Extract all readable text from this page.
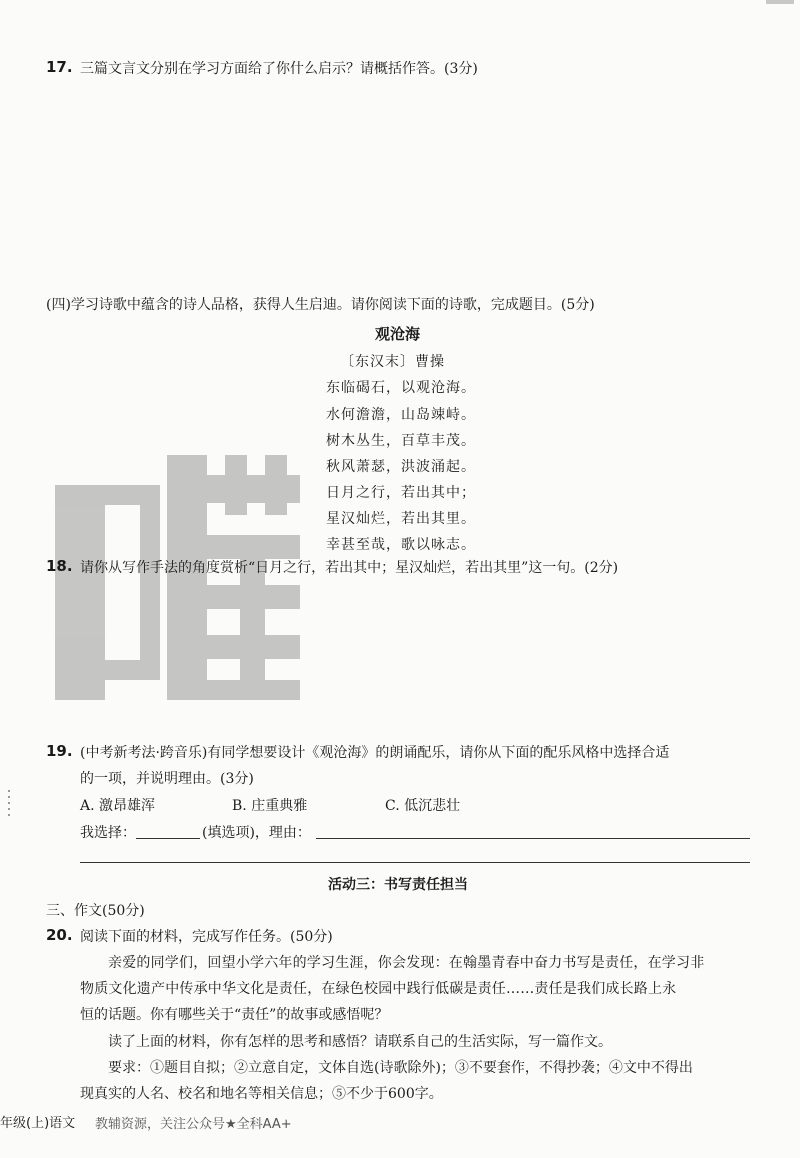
17. 三篇文言文分别在学习方面给了你什么启示？请概括作答。(3分)
(四)学习诗歌中蕴含的诗人品格，获得人生启迪。请你阅读下面的诗歌，完成题目。(5分)
观沧海
〔东汉末〕曹操
东临碣石，以观沧海。
水何澹澹，山岛竦峙。
树木丛生，百草丰茂。
秋风萧瑟，洪波涌起。
日月之行，若出其中；
星汉灿烂，若出其里。
幸甚至哉，歌以咏志。
18. 请你从写作手法的角度赏析“日月之行，若出其中；星汉灿烂，若出其里”这一句。(2分)
19. (中考新考法·跨音乐)有同学想要设计《观沧海》的朗诵配乐，请你从下面的配乐风格中选择合适
的一项，并说明理由。(3分)
A. 激昂雄浑	B. 庄重典雅	C. 低沉悲壮
我选择：	(填选项)，理由：
活动三：书写责任担当
三、作文(50分)
20. 阅读下面的材料，完成写作任务。(50分)
亲爱的同学们，回望小学六年的学习生涯，你会发现：在翰墨青春中奋力书写是责任，在学习非
物质文化遗产中传承中华文化是责任，在绿色校园中践行低碳是责任……责任是我们成长路上永
恒的话题。你有哪些关于“责任”的故事或感悟呢？
读了上面的材料，你有怎样的思考和感悟？请联系自己的生活实际，写一篇作文。
要求：①题目自拟；②立意自定，文体自选(诗歌除外)；③不要套作，不得抄袭；④文中不得出
现真实的人名、校名和地名等相关信息；⑤不少于600字。
年级(上)语文 教辅资源，关注公众号★全科AA+
